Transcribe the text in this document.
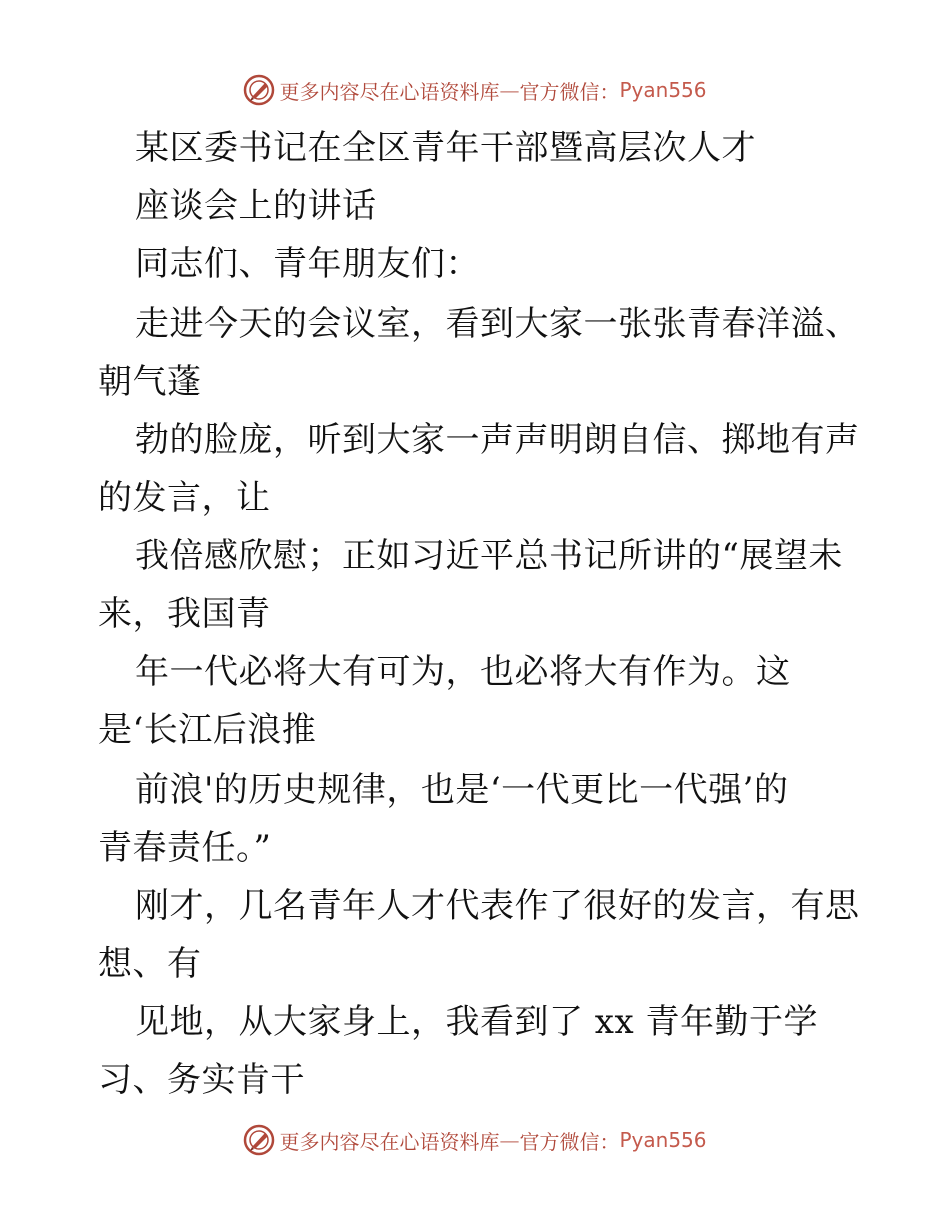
更多内容尽在心语资料库 — 官方微信： Pyan556
某区委书记在全区青年干部暨高层次人才
座谈会上的讲话
同志们、青年朋友们：
走进今天的会议室，看到大家一张张青春洋溢、
朝气蓬
勃的脸庞，听到大家一声声明朗自信、掷地有声
的发言，让
我倍感欣慰；正如习近平总书记所讲的“展望未
来，我国青
年一代必将大有可为，也必将大有作为。这
是‘长江后浪推
前浪'的历史规律，也是‘一代更比一代强’的
青春责任。”
刚才，几名青年人才代表作了很好的发言，有思
想、有
见地，从大家身上，我看到了 xx 青年勤于学
习、务实肯干
更多内容尽在心语资料库 — 官方微信： Pyan556
